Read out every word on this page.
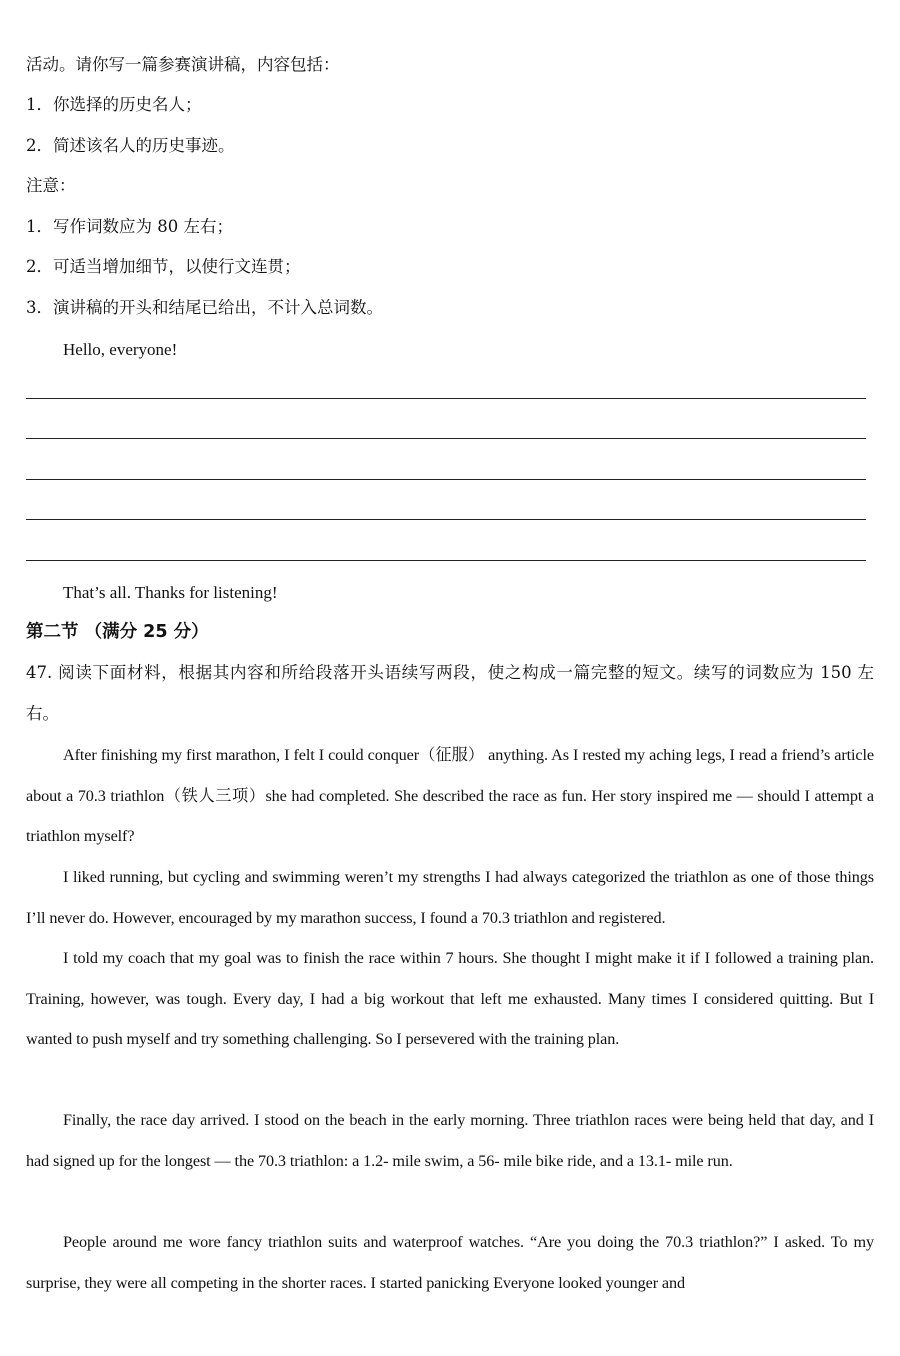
活动。请你写一篇参赛演讲稿，内容包括：
1．你选择的历史名人；
2．简述该名人的历史事迹。
注意：
1．写作词数应为 80 左右；
2．可适当增加细节，以使行文连贯；
3．演讲稿的开头和结尾已给出，不计入总词数。
Hello, everyone!
That’s all. Thanks for listening!
第二节 （满分 25 分）
47. 阅读下面材料，根据其内容和所给段落开头语续写两段，使之构成一篇完整的短文。续写的词数应为 150 左右。
After finishing my first marathon, I felt I could conquer（征服） anything. As I rested my aching legs, I read a friend’s article about a 70.3 triathlon（铁人三项）she had completed. She described the race as fun. Her story inspired me — should I attempt a triathlon myself?
I liked running, but cycling and swimming weren’t my strengths I had always categorized the triathlon as one of those things I’ll never do. However, encouraged by my marathon success, I found a 70.3 triathlon and registered.
I told my coach that my goal was to finish the race within 7 hours. She thought I might make it if I followed a training plan. Training, however, was tough. Every day, I had a big workout that left me exhausted. Many times I considered quitting. But I wanted to push myself and try something challenging. So I persevered with the training plan.
Finally, the race day arrived. I stood on the beach in the early morning. Three triathlon races were being held that day, and I had signed up for the longest — the 70.3 triathlon: a 1.2- mile swim, a 56- mile bike ride, and a 13.1- mile run.
People around me wore fancy triathlon suits and waterproof watches. “Are you doing the 70.3 triathlon?” I asked. To my surprise, they were all competing in the shorter races. I started panicking Everyone looked younger and
